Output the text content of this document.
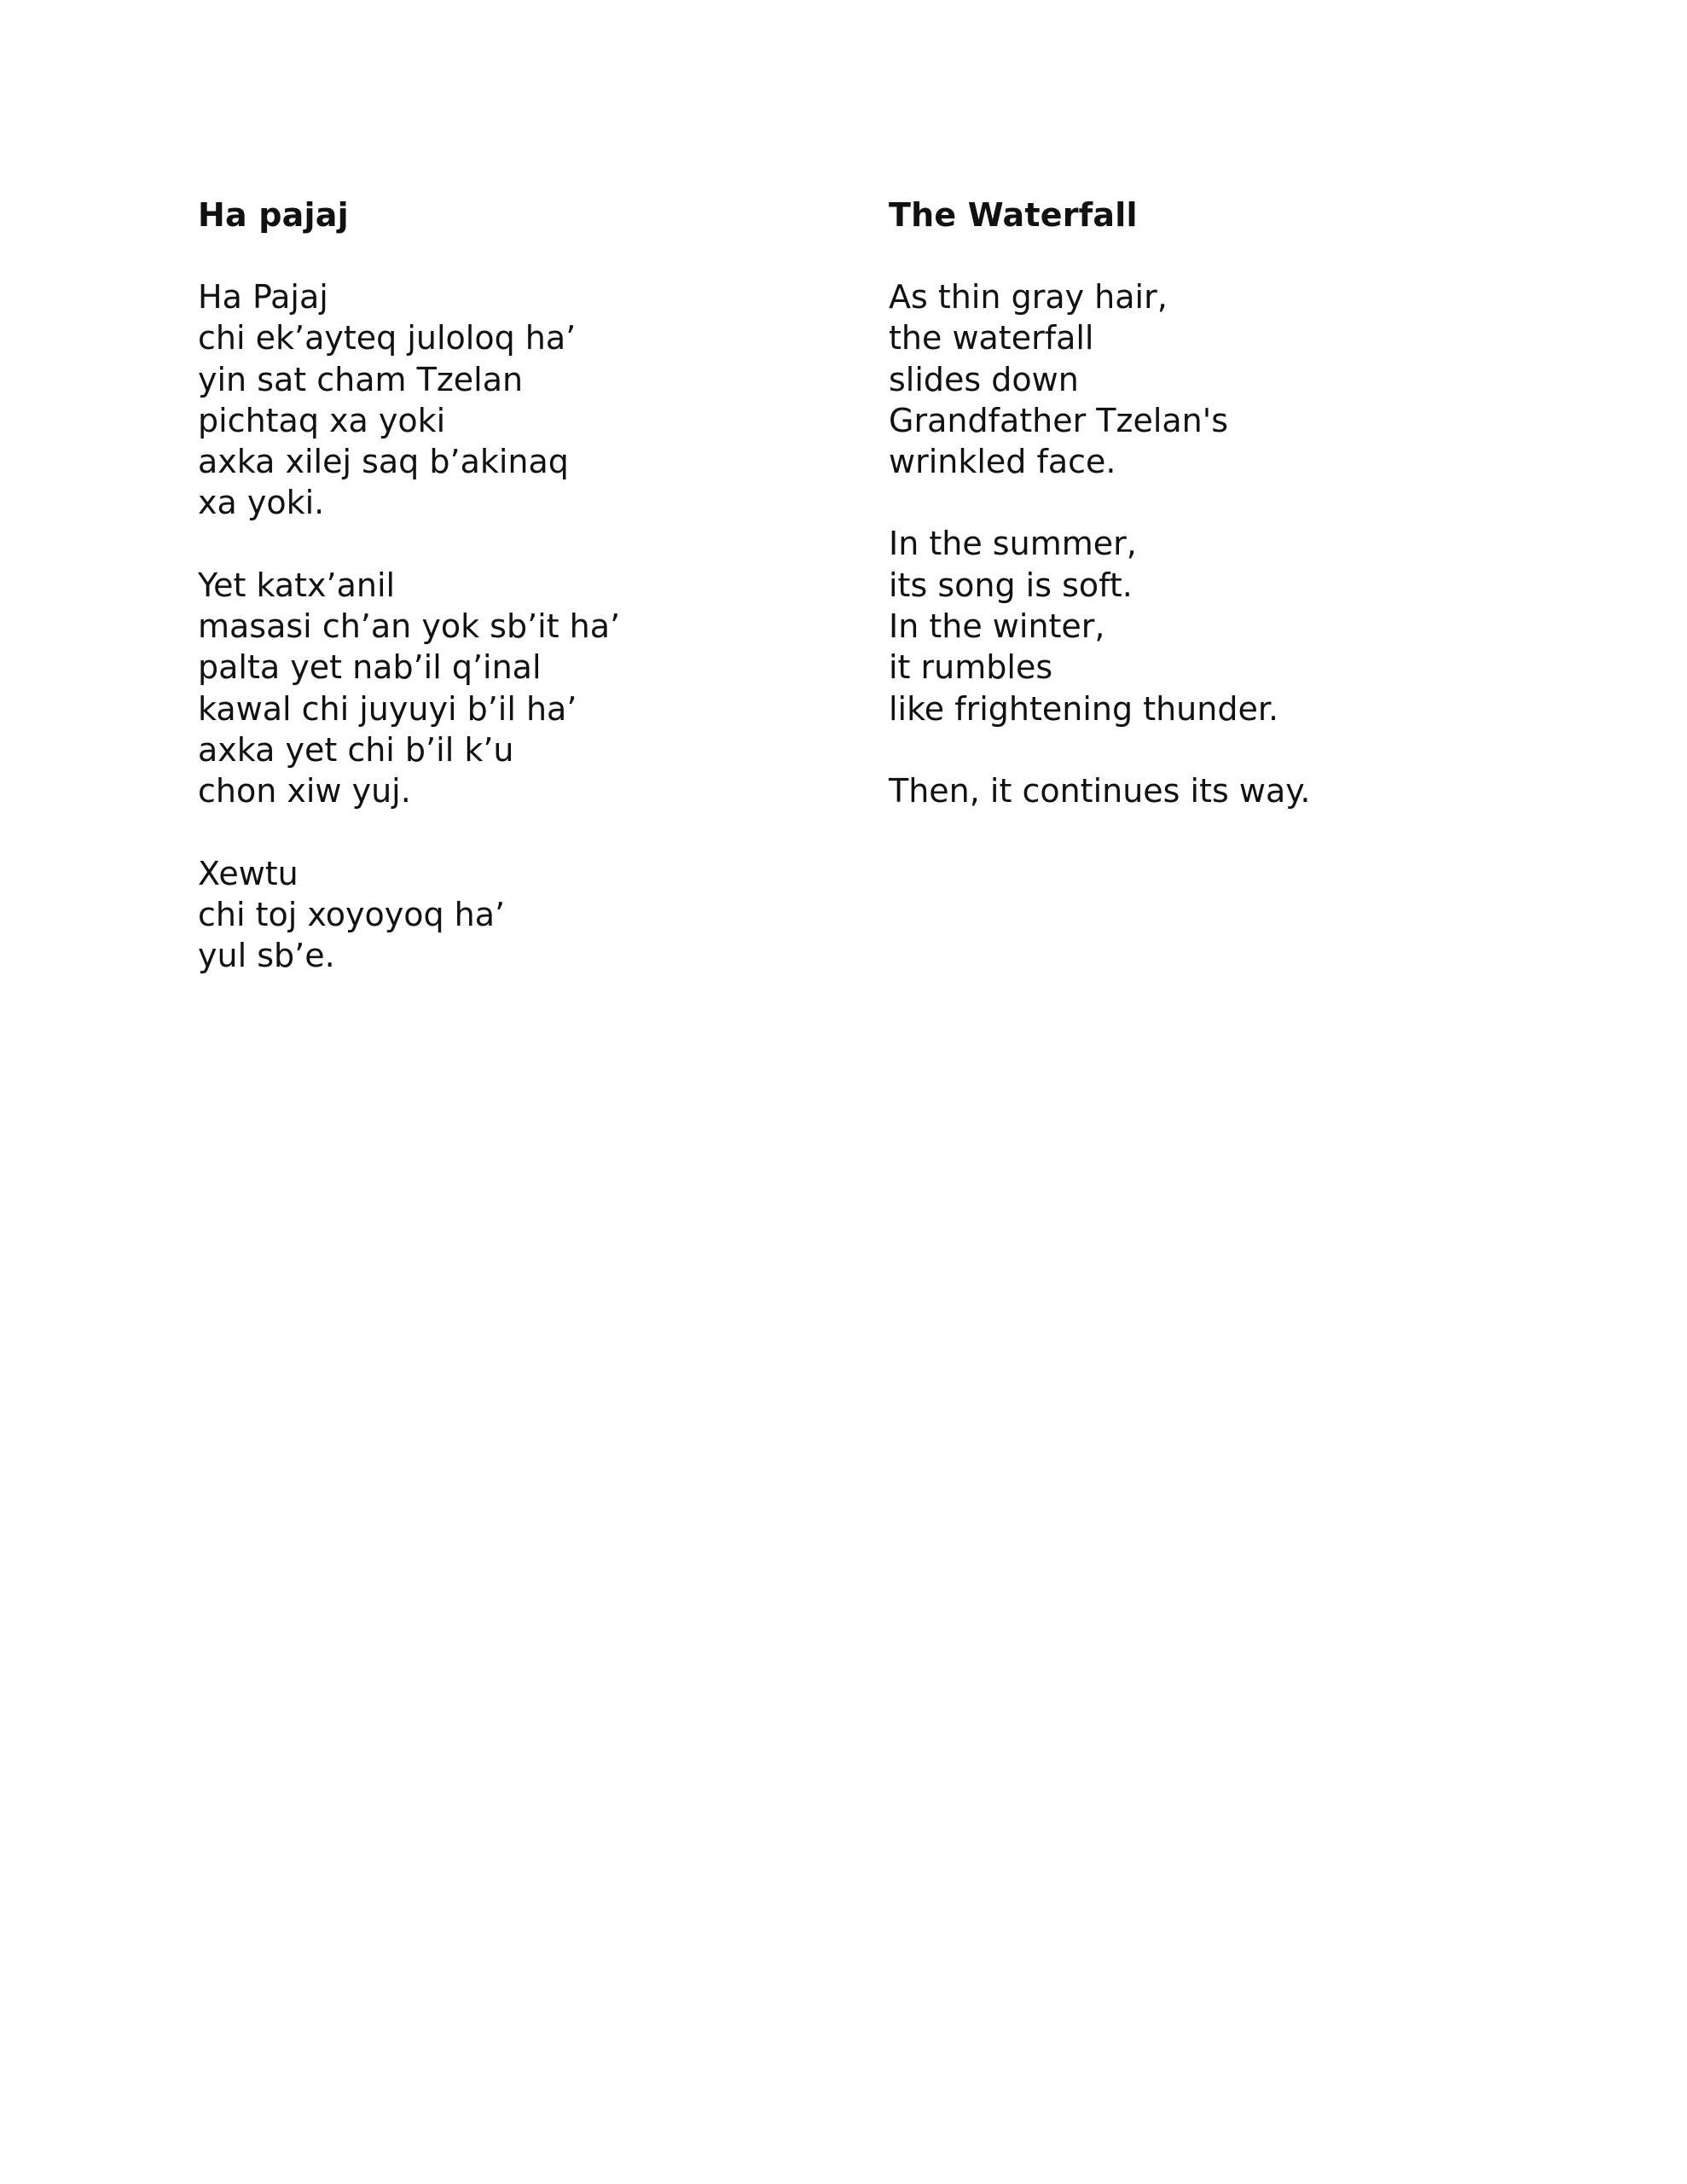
Ha pajaj
Ha Pajaj
chi ek’ayteq juloloq ha’
yin sat cham Tzelan
pichtaq xa yoki
axka xilej saq b’akinaq
xa yoki.
Yet katx’anil
masasi ch’an yok sb’it ha’
palta yet nab’il q’inal
kawal chi juyuyi b’il ha’
axka yet chi b’il k’u
chon xiw yuj.
Xewtu
chi toj xoyoyoq ha’
yul sb’e.
The Waterfall
As thin gray hair,
the waterfall
slides down
Grandfather Tzelan's
wrinkled face.
In the summer,
its song is soft.
In the winter,
it rumbles
like frightening thunder.
Then, it continues its way.
